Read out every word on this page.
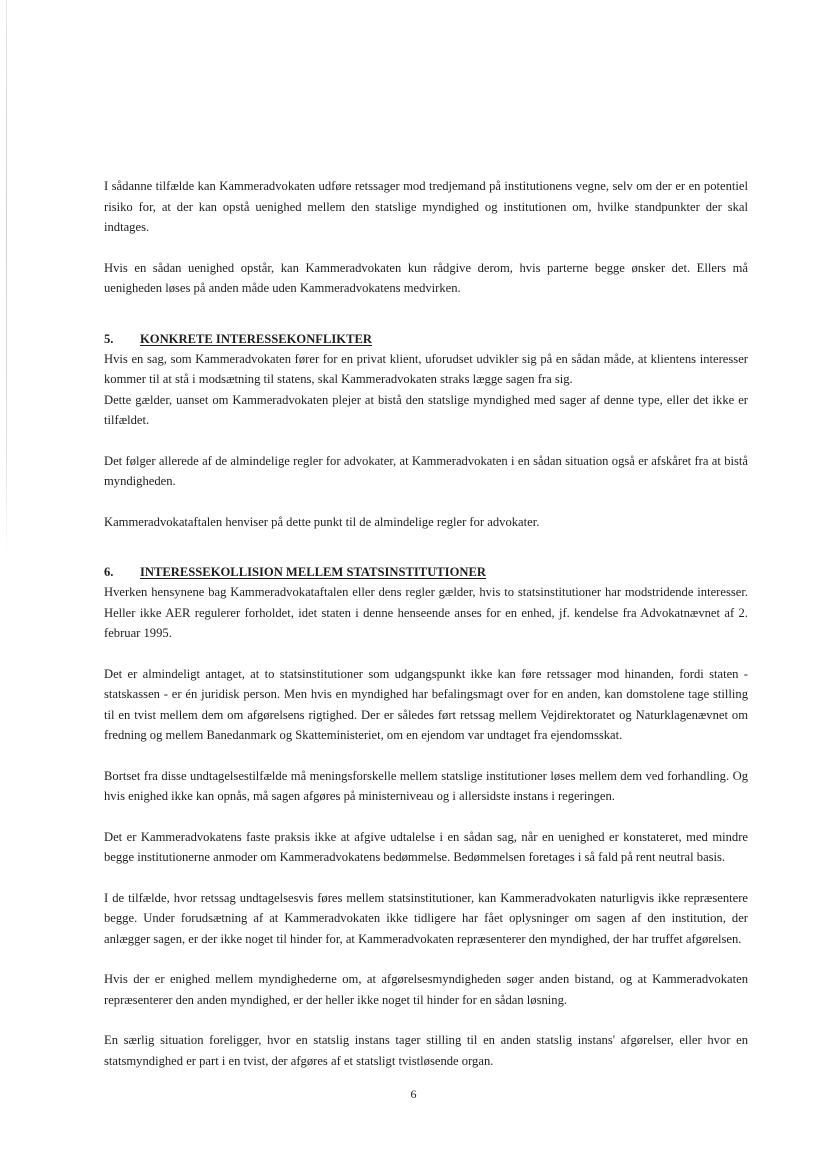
I sådanne tilfælde kan Kammeradvokaten udføre retssager mod tredjemand på institutionens vegne, selv om der er en potentiel risiko for, at der kan opstå uenighed mellem den statslige myndighed og institutionen om, hvilke standpunkter der skal indtages.

Hvis en sådan uenighed opstår, kan Kammeradvokaten kun rådgive derom, hvis parterne begge ønsker det. Ellers må uenigheden løses på anden måde uden Kammeradvokatens medvirken.

5.	KONKRETE INTERESSEKONFLIKTER

Hvis en sag, som Kammeradvokaten fører for en privat klient, uforudset udvikler sig på en sådan måde, at klientens interesser kommer til at stå i modsætning til statens, skal Kammeradvokaten straks lægge sagen fra sig.

Dette gælder, uanset om Kammeradvokaten plejer at bistå den statslige myndighed med sager af denne type, eller det ikke er tilfældet.

Det følger allerede af de almindelige regler for advokater, at Kammeradvokaten i en sådan situation også er afskåret fra at bistå myndigheden.

Kammeradvokataftalen henviser på dette punkt til de almindelige regler for advokater.

6.	INTERESSEKOLLISION MELLEM STATSINSTITUTIONER

Hverken hensynene bag Kammeradvokataftalen eller dens regler gælder, hvis to statsinstitutioner har modstridende interesser. Heller ikke AER regulerer forholdet, idet staten i denne henseende anses for en enhed, jf. kendelse fra Advokatnævnet af 2. februar 1995.

Det er almindeligt antaget, at to statsinstitutioner som udgangspunkt ikke kan føre retssager mod hinanden, fordi staten - statskassen - er én juridisk person. Men hvis en myndighed har befalingsmagt over for en anden, kan domstolene tage stilling til en tvist mellem dem om afgørelsens rigtighed. Der er således ført retssag mellem Vejdirektoratet og Naturklagenævnet om fredning og mellem Banedanmark og Skatteministeriet, om en ejendom var undtaget fra ejendomsskat.

Bortset fra disse undtagelsestilfælde må meningsforskelle mellem statslige institutioner løses mellem dem ved forhandling. Og hvis enighed ikke kan opnås, må sagen afgøres på ministerniveau og i allersidste instans i regeringen.

Det er Kammeradvokatens faste praksis ikke at afgive udtalelse i en sådan sag, når en uenighed er konstateret, med mindre begge institutionerne anmoder om Kammeradvokatens bedømmelse. Bedømmelsen foretages i så fald på rent neutral basis.

I de tilfælde, hvor retssag undtagelsesvis føres mellem statsinstitutioner, kan Kammeradvokaten naturligvis ikke repræsentere begge. Under forudsætning af at Kammeradvokaten ikke tidligere har fået oplysninger om sagen af den institution, der anlægger sagen, er der ikke noget til hinder for, at Kammeradvokaten repræsenterer den myndighed, der har truffet afgørelsen.

Hvis der er enighed mellem myndighederne om, at afgørelsesmyndigheden søger anden bistand, og at Kammeradvokaten repræsenterer den anden myndighed, er der heller ikke noget til hinder for en sådan løsning.

En særlig situation foreligger, hvor en statslig instans tager stilling til en anden statslig instans' afgørelser, eller hvor en statsmyndighed er part i en tvist, der afgøres af et statsligt tvistløsende organ.

6
